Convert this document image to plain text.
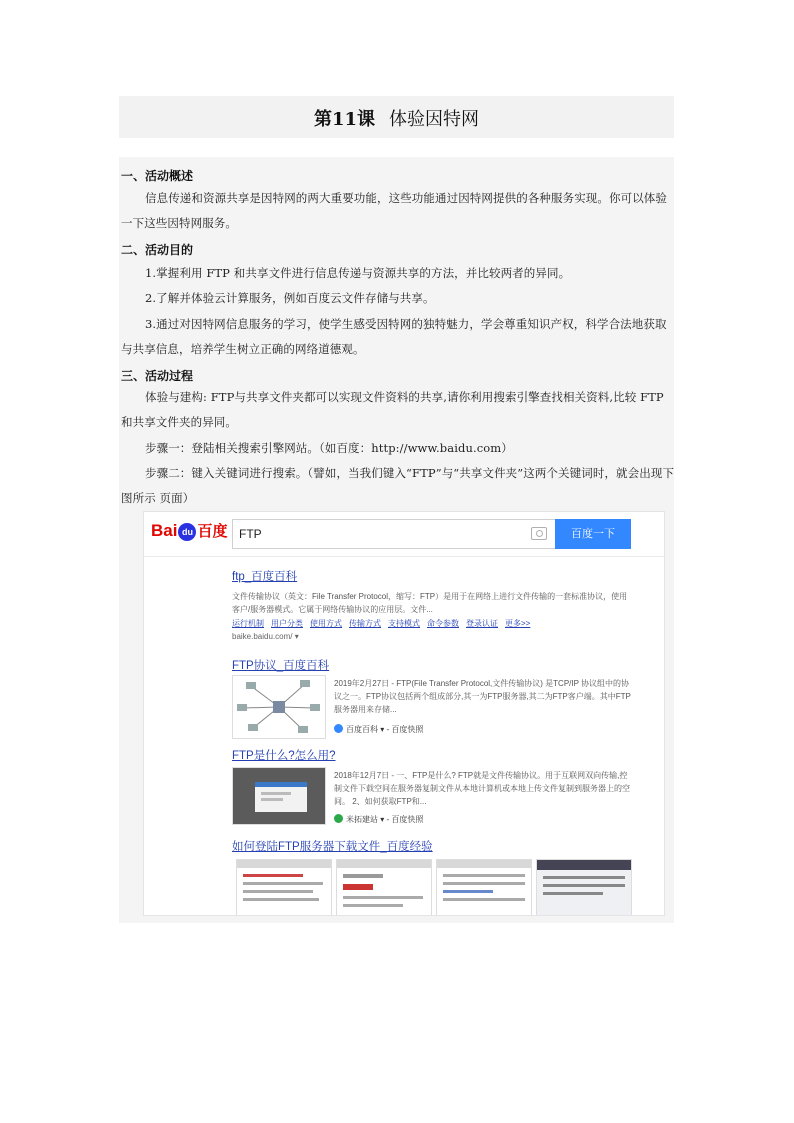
第11课 体验因特网
一、活动概述
信息传递和资源共享是因特网的两大重要功能，这些功能通过因特网提供的各种服务实现。你可以体验一下这些因特网服务。
二、活动目的
1.掌握利用 FTP 和共享文件进行信息传递与资源共享的方法，并比较两者的异同。
2.了解并体验云计算服务，例如百度云文件存储与共享。
3.通过对因特网信息服务的学习，使学生感受因特网的独特魅力，学会尊重知识产权，科学合法地获取与共享信息，培养学生树立正确的网络道德观。
三、活动过程
体验与建构: FTP与共享文件夹都可以实现文件资料的共享,请你利用搜索引擎查找相关资料,比较 FTP 和共享文件夹的异同。
步骤一：登陆相关搜索引擎网站。（如百度：http://www.baidu.com）
步骤二：键入关键词进行搜索。（譬如，当我们键入“FTP”与“共享文件夹”这两个关键词时，就会出现下图所示 页面）
Bai du 百度 FTP	百度一下
ftp_百度百科
文件传输协议（英文：File Transfer Protocol，缩写：FTP）是用于在网络上进行文件传输的一套标准协议，使用客户/服务器模式。它属于网络传输协议的应用层。文件...
运行机制 用户分类 使用方式 传输方式 支持模式 命令参数 登录认证 更多>>
baike.baidu.com/ ▾
FTP协议_百度百科
2019年2月27日 - FTP(File Transfer Protocol,文件传输协议) 是TCP/IP 协议组中的协议之一。FTP协议包括两个组成部分,其一为FTP服务器,其二为FTP客户端。其中FTP服务器用来存储...
百度百科 ▾ - 百度快照
FTP是什么?怎么用?
2018年12月7日 - 一、FTP是什么? FTP就是文件传输协议。用于互联网双向传输,控制文件下载空间在服务器复制文件从本地计算机或本地上传文件复制到服务器上的空间。 2、如何获取FTP和...
米拓建站 ▾ - 百度快照
如何登陆FTP服务器下载文件_百度经验
